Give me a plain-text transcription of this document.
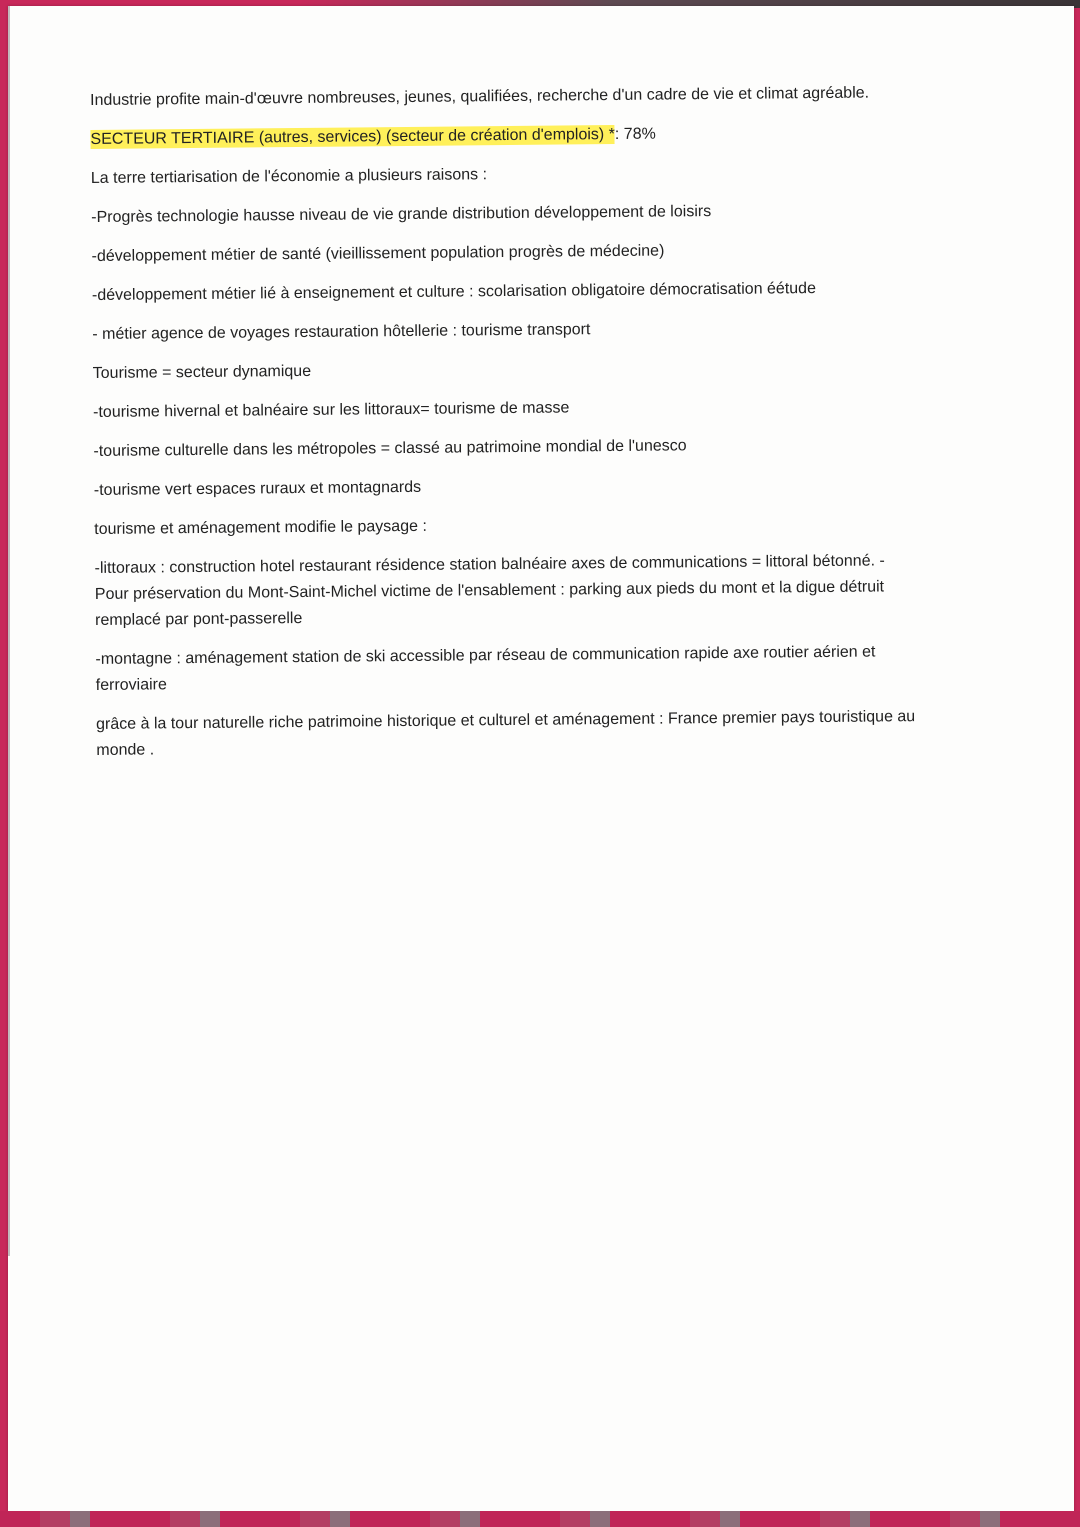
Industrie profite main-d'œuvre nombreuses, jeunes, qualifiées, recherche d'un cadre de vie et climat agréable.

SECTEUR TERTIAIRE (autres, services) (secteur de création d'emplois) *: 78%

La terre tertiarisation de l'économie a plusieurs raisons :

-Progrès technologie hausse niveau de vie grande distribution développement de loisirs

-développement métier de santé (vieillissement population progrès de médecine)

-développement métier lié à enseignement et culture : scolarisation obligatoire démocratisation éétude

- métier agence de voyages restauration hôtellerie : tourisme transport

Tourisme = secteur dynamique

-tourisme hivernal et balnéaire sur les littoraux= tourisme de masse

-tourisme culturelle dans les métropoles = classé au patrimoine mondial de l'unesco

-tourisme vert espaces ruraux et montagnards

tourisme et aménagement modifie le paysage :

-littoraux : construction hotel restaurant résidence station balnéaire axes de communications = littoral bétonné. -

Pour préservation du Mont-Saint-Michel victime de l'ensablement : parking aux pieds du mont et la digue détruit

remplacé par pont-passerelle

-montagne : aménagement station de ski accessible par réseau de communication rapide axe routier aérien et

ferroviaire

grâce à la tour naturelle riche patrimoine historique et culturel et aménagement : France premier pays touristique au

monde .
